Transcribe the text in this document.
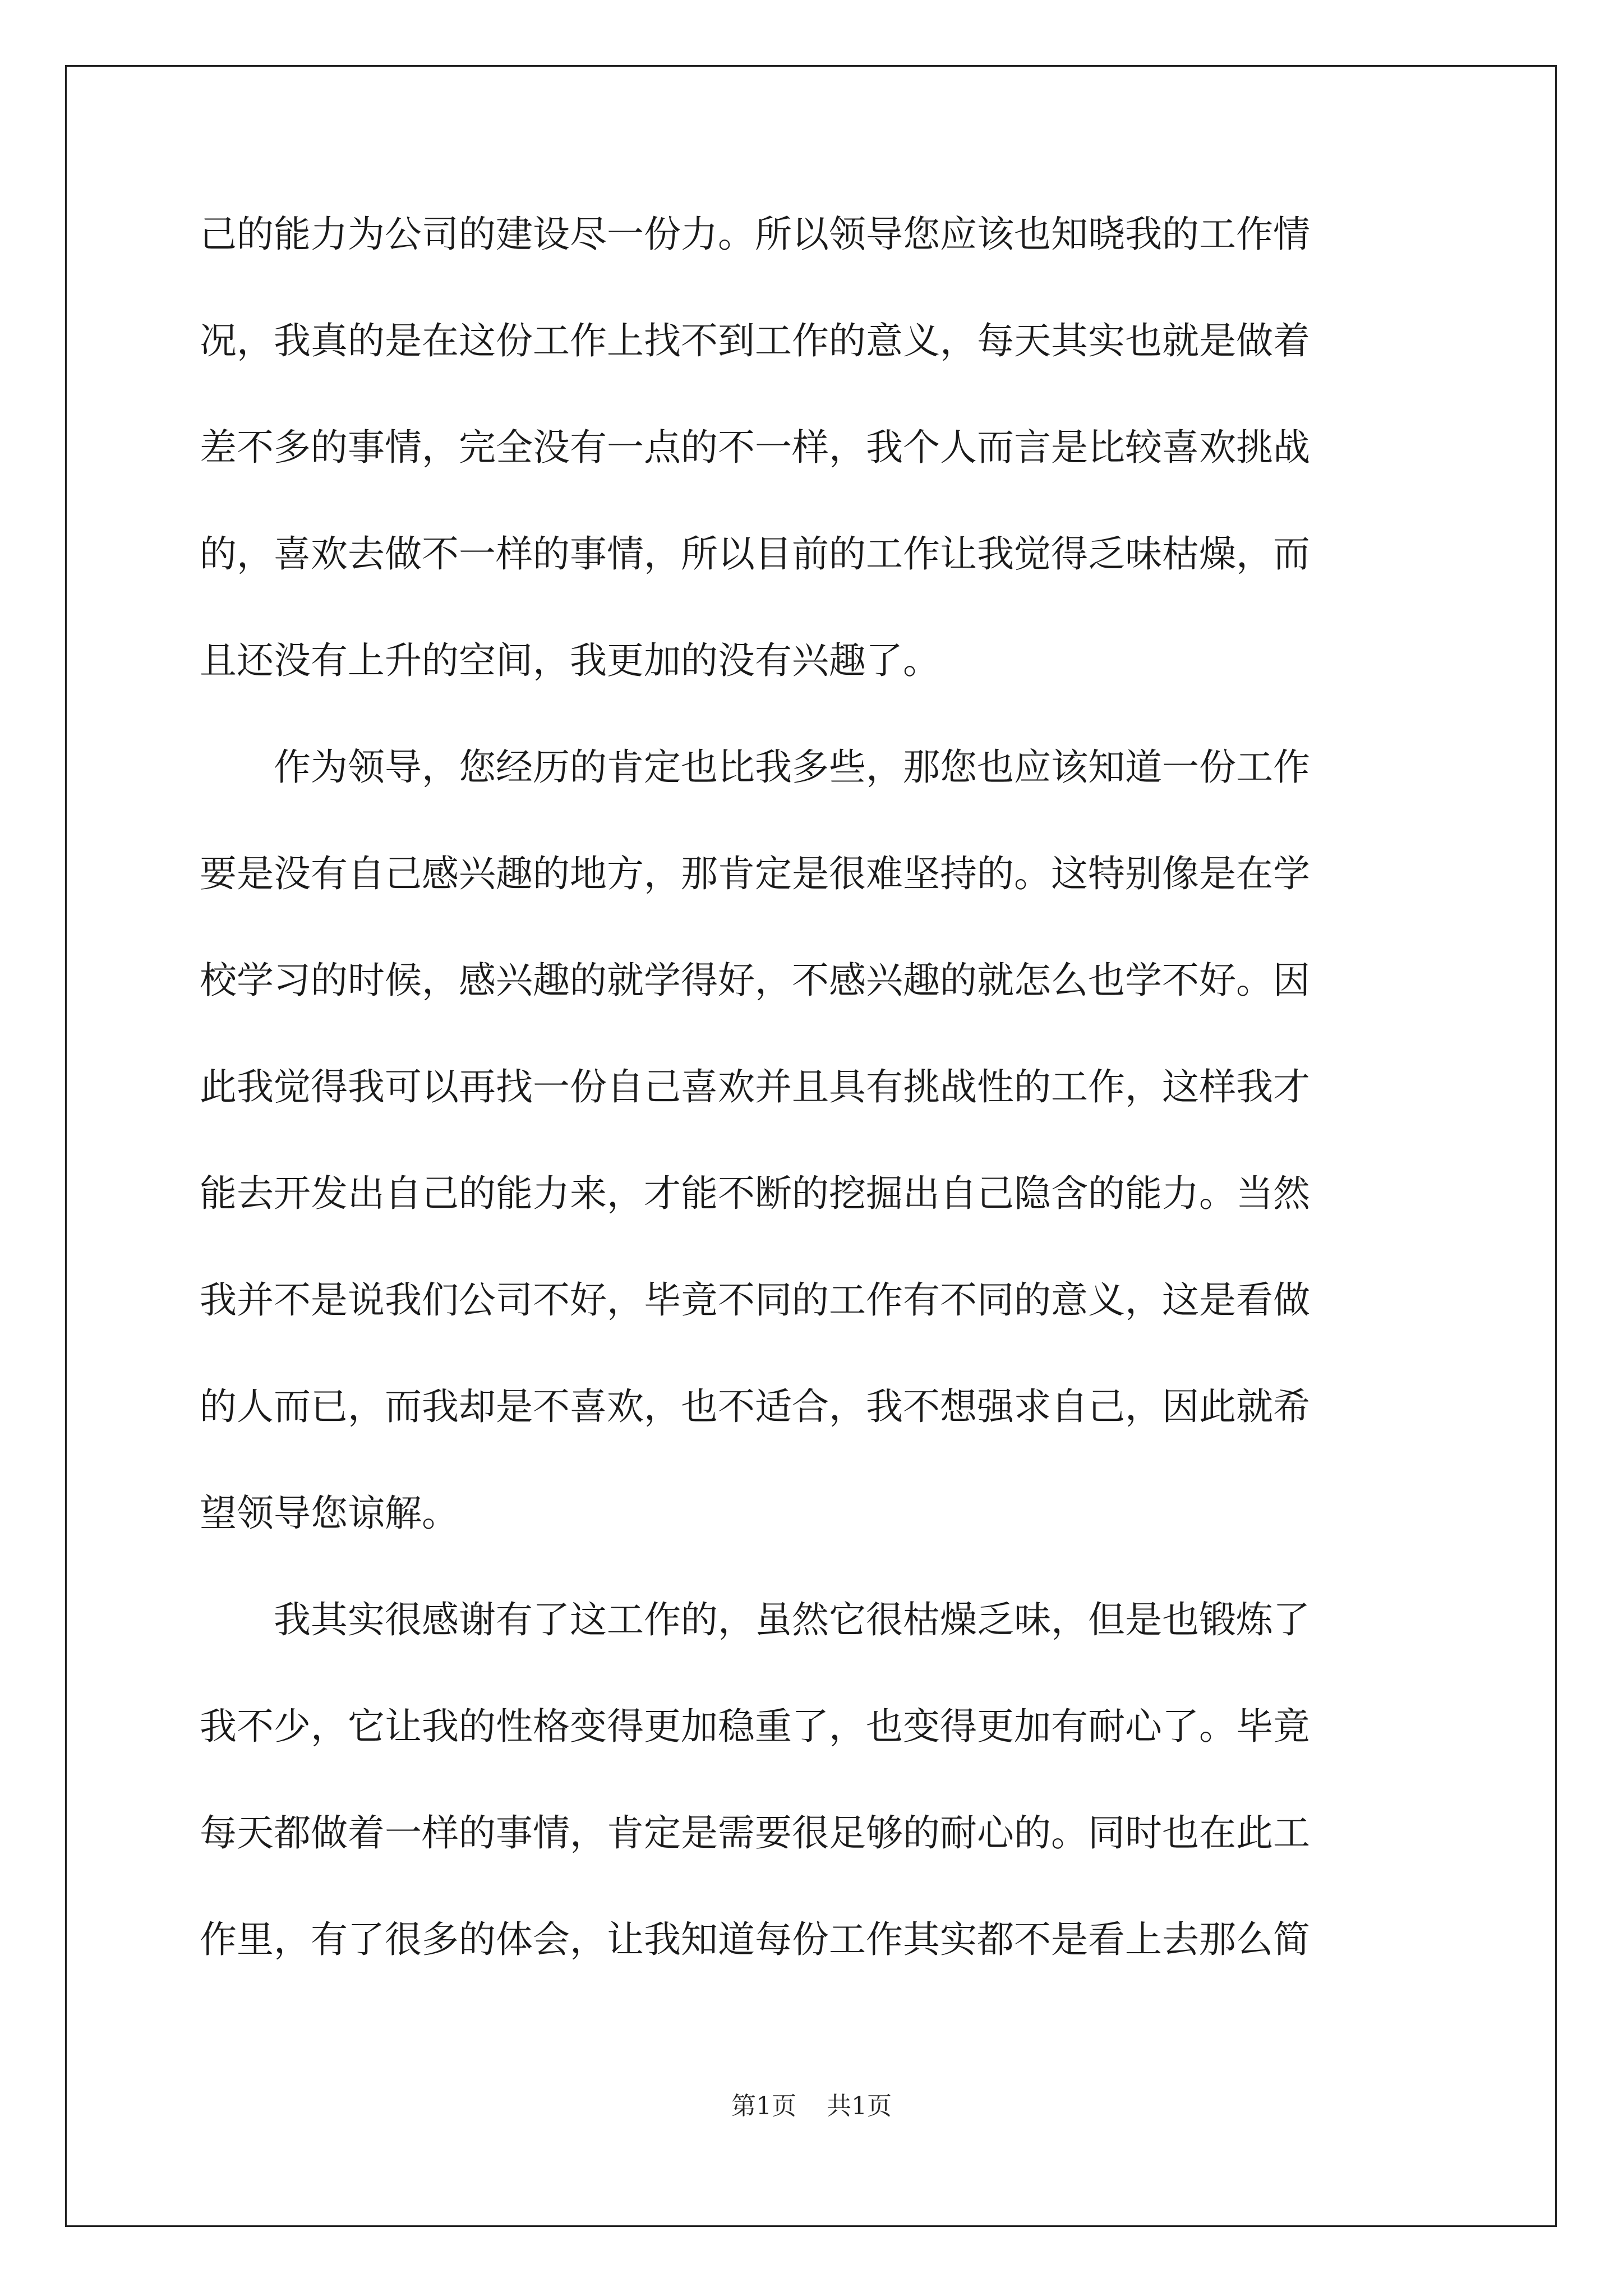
己的能力为公司的建设尽一份力。所以领导您应该也知晓我的工作情
况，我真的是在这份工作上找不到工作的意义，每天其实也就是做着
差不多的事情，完全没有一点的不一样，我个人而言是比较喜欢挑战
的，喜欢去做不一样的事情，所以目前的工作让我觉得乏味枯燥，而
且还没有上升的空间，我更加的没有兴趣了。
　　作为领导，您经历的肯定也比我多些，那您也应该知道一份工作
要是没有自己感兴趣的地方，那肯定是很难坚持的。这特别像是在学
校学习的时候，感兴趣的就学得好，不感兴趣的就怎么也学不好。因
此我觉得我可以再找一份自己喜欢并且具有挑战性的工作，这样我才
能去开发出自己的能力来，才能不断的挖掘出自己隐含的能力。当然
我并不是说我们公司不好，毕竟不同的工作有不同的意义，这是看做
的人而已，而我却是不喜欢，也不适合，我不想强求自己，因此就希
望领导您谅解。
　　我其实很感谢有了这工作的，虽然它很枯燥乏味，但是也锻炼了
我不少，它让我的性格变得更加稳重了，也变得更加有耐心了。毕竟
每天都做着一样的事情，肯定是需要很足够的耐心的。同时也在此工
作里，有了很多的体会，让我知道每份工作其实都不是看上去那么简
第1页 共1页
